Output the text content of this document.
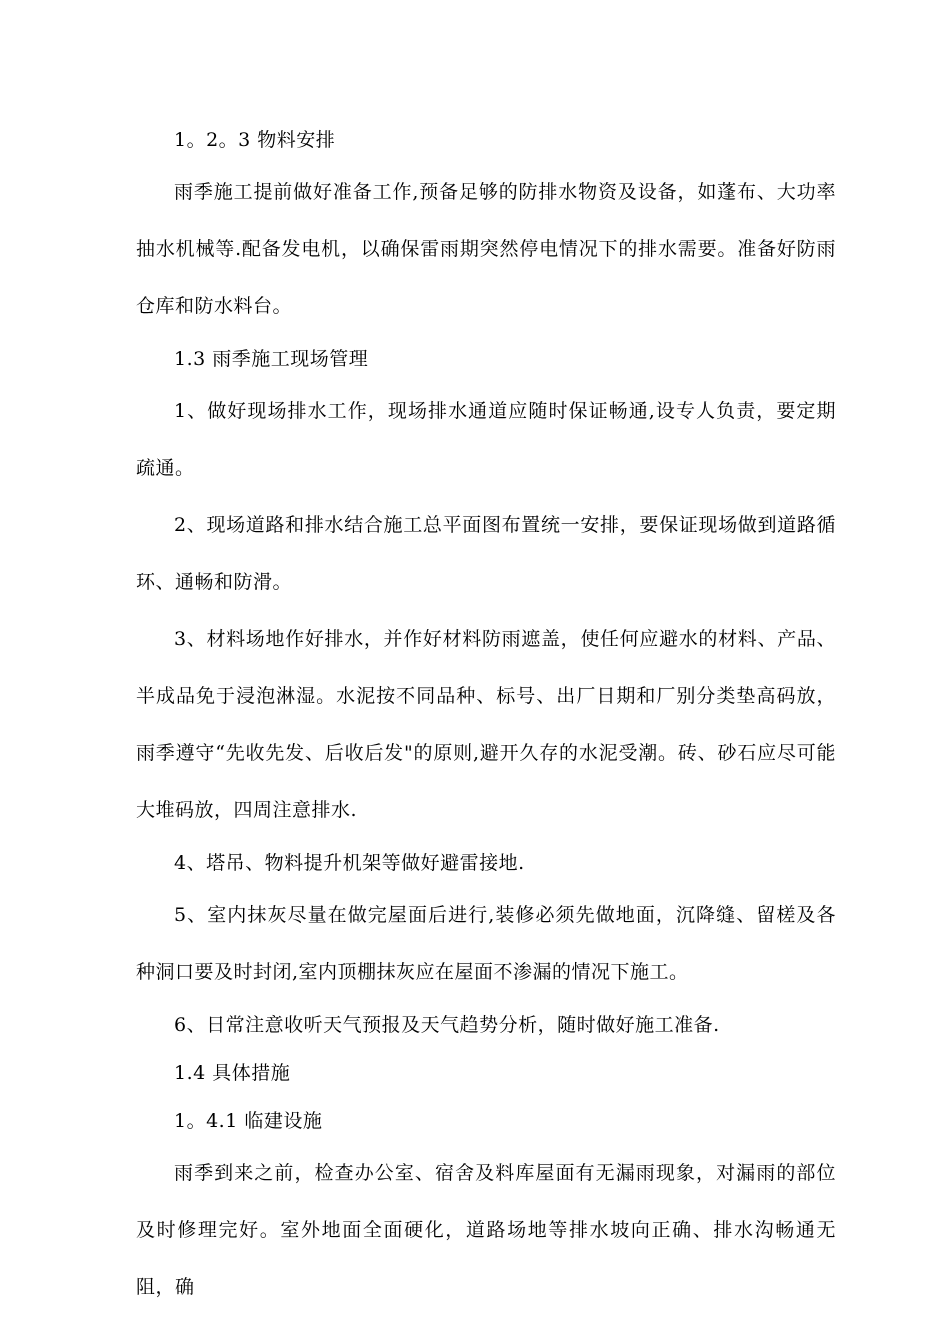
1。2。3 物料安排

雨季施工提前做好准备工作,预备足够的防排水物资及设备，如蓬布、大功率抽水机械等.配备发电机，以确保雷雨期突然停电情况下的排水需要。准备好防雨仓库和防水料台。

1.3 雨季施工现场管理

1、做好现场排水工作，现场排水通道应随时保证畅通,设专人负责，要定期疏通。

2、现场道路和排水结合施工总平面图布置统一安排，要保证现场做到道路循环、通畅和防滑。

3、材料场地作好排水，并作好材料防雨遮盖，使任何应避水的材料、产品、半成品免于浸泡淋湿。水泥按不同品种、标号、出厂日期和厂别分类垫高码放，雨季遵守“先收先发、后收后发"的原则,避开久存的水泥受潮。砖、砂石应尽可能大堆码放，四周注意排水.

4、塔吊、物料提升机架等做好避雷接地.

5、室内抹灰尽量在做完屋面后进行,装修必须先做地面，沉降缝、留槎及各种洞口要及时封闭,室内顶棚抹灰应在屋面不渗漏的情况下施工。

6、日常注意收听天气预报及天气趋势分析，随时做好施工准备.

1.4 具体措施

1。4.1 临建设施

雨季到来之前，检查办公室、宿舍及料库屋面有无漏雨现象，对漏雨的部位及时修理完好。室外地面全面硬化，道路场地等排水坡向正确、排水沟畅通无阻，确
